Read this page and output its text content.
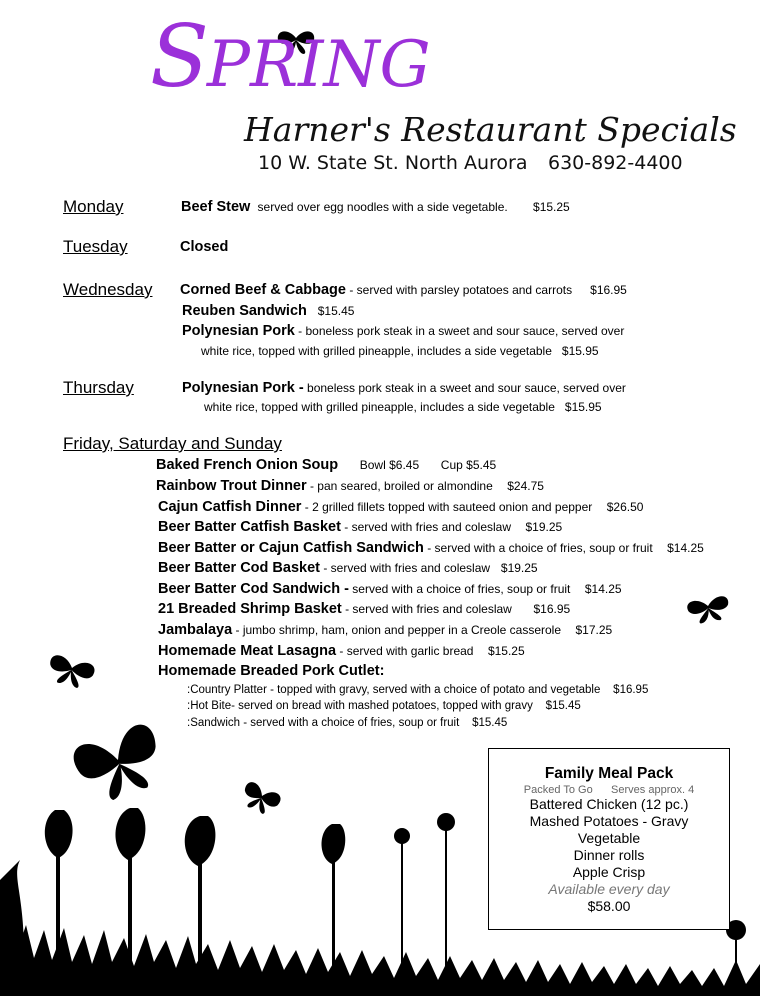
SPRING
Harner's Restaurant Specials
10 W. State St. North Aurora 630-892-4400
Monday	Beef Stew served over egg noodles with a side vegetable. $15.25
Tuesday	Closed
Wednesday Corned Beef & Cabbage - served with parsley potatoes and carrots $16.95
Reuben Sandwich $15.45
Polynesian Pork - boneless pork steak in a sweet and sour sauce, served over
white rice, topped with grilled pineapple, includes a side vegetable $15.95
Thursday	Polynesian Pork - boneless pork steak in a sweet and sour sauce, served over
white rice, topped with grilled pineapple, includes a side vegetable $15.95
Friday, Saturday and Sunday
Baked French Onion Soup Bowl $6.45 Cup $5.45
Rainbow Trout Dinner - pan seared, broiled or almondine $24.75
Cajun Catfish Dinner - 2 grilled fillets topped with sauteed onion and pepper $26.50
Beer Batter Catfish Basket - served with fries and coleslaw $19.25
Beer Batter or Cajun Catfish Sandwich - served with a choice of fries, soup or fruit $14.25
Beer Batter Cod Basket - served with fries and coleslaw $19.25
Beer Batter Cod Sandwich - served with a choice of fries, soup or fruit $14.25
21 Breaded Shrimp Basket - served with fries and coleslaw $16.95
Jambalaya - jumbo shrimp, ham, onion and pepper in a Creole casserole $17.25
Homemade Meat Lasagna - served with garlic bread $15.25
Homemade Breaded Pork Cutlet:
:Country Platter - topped with gravy, served with a choice of potato and vegetable $16.95
:Hot Bite- served on bread with mashed potatoes, topped with gravy $15.45
:Sandwich - served with a choice of fries, soup or fruit $15.45
Family Meal Pack
Packed To Go Serves approx. 4
Battered Chicken (12 pc.)
Mashed Potatoes - Gravy
Vegetable
Dinner rolls
Apple Crisp
Available every day
$58.00
